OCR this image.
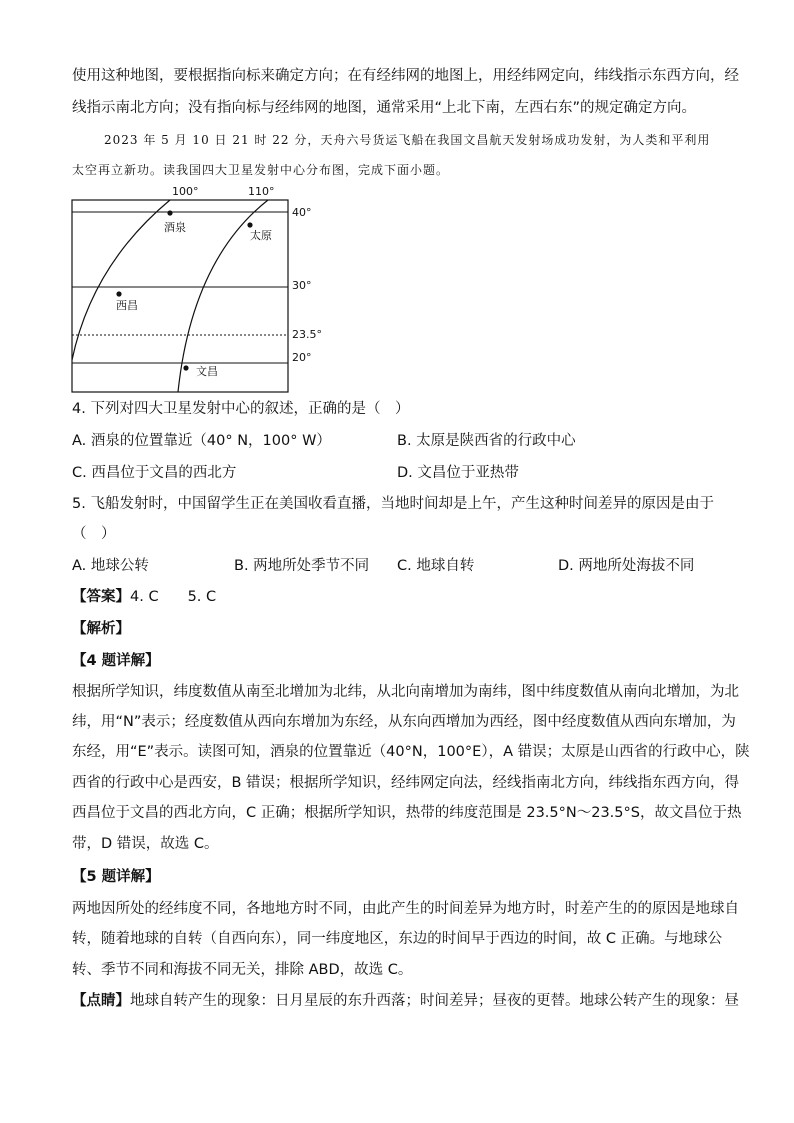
使用这种地图，要根据指向标来确定方向；在有经纬网的地图上，用经纬网定向，纬线指示东西方向，经
线指示南北方向；没有指向标与经纬网的地图，通常采用“上北下南，左西右东”的规定确定方向。
2023 年 5 月 10 日 21 时 22 分，天舟六号货运飞船在我国文昌航天发射场成功发射，为人类和平利用
太空再立新功。读我国四大卫星发射中心分布图，完成下面小题。
100°	110°
40°
30°
23.5°
20°
酒泉
太原
西昌
文昌
4. 下列对四大卫星发射中心的叙述，正确的是（　）
A. 酒泉的位置靠近（40° N，100° W）	B. 太原是陕西省的行政中心
C. 西昌位于文昌的西北方	D. 文昌位于亚热带
5. 飞船发射时，中国留学生正在美国收看直播，当地时间却是上午，产生这种时间差异的原因是由于
（　）
A. 地球公转	B. 两地所处季节不同 C. 地球自转	D. 两地所处海拔不同
【答案】4. C　　5. C
【解析】
【4 题详解】
根据所学知识，纬度数值从南至北增加为北纬，从北向南增加为南纬，图中纬度数值从南向北增加，为北
纬，用“N”表示；经度数值从西向东增加为东经，从东向西增加为西经，图中经度数值从西向东增加，为
东经，用“E”表示。读图可知，酒泉的位置靠近（40°N，100°E），A 错误；太原是山西省的行政中心，陕
西省的行政中心是西安，B 错误；根据所学知识，经纬网定向法，经线指南北方向，纬线指东西方向，得
西昌位于文昌的西北方向，C 正确；根据所学知识，热带的纬度范围是 23.5°N～23.5°S，故文昌位于热
带，D 错误，故选 C。
【5 题详解】
两地因所处的经纬度不同，各地地方时不同，由此产生的时间差异为地方时，时差产生的的原因是地球自
转，随着地球的自转（自西向东），同一纬度地区，东边的时间早于西边的时间，故 C 正确。与地球公
转、季节不同和海拔不同无关，排除 ABD，故选 C。
【点睛】地球自转产生的现象：日月星辰的东升西落；时间差异；昼夜的更替。地球公转产生的现象：昼
